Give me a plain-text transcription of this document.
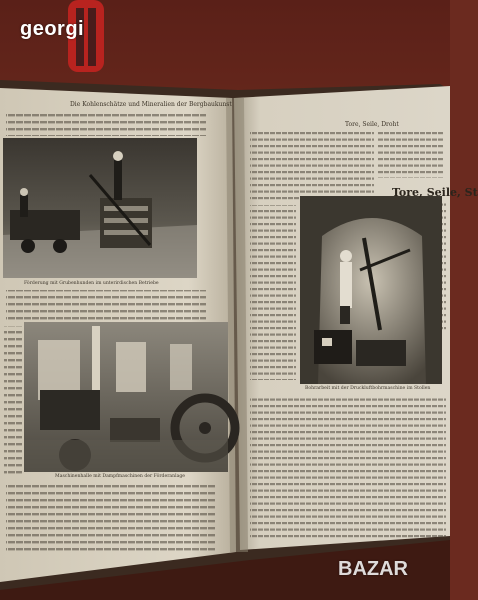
georgi
Die Kohlenschätze und Mineralien der Bergbaukunst
Tore, Seile, Droht
Tore, Seile, St
Förderung mit Grubenhunden im unterirdischen Betriebe
Maschinenhalle mit Dampfmaschinen der Förderanlage
Bohrarbeit mit der Druckluftbohrmaschine im Stollen
BAZAR
